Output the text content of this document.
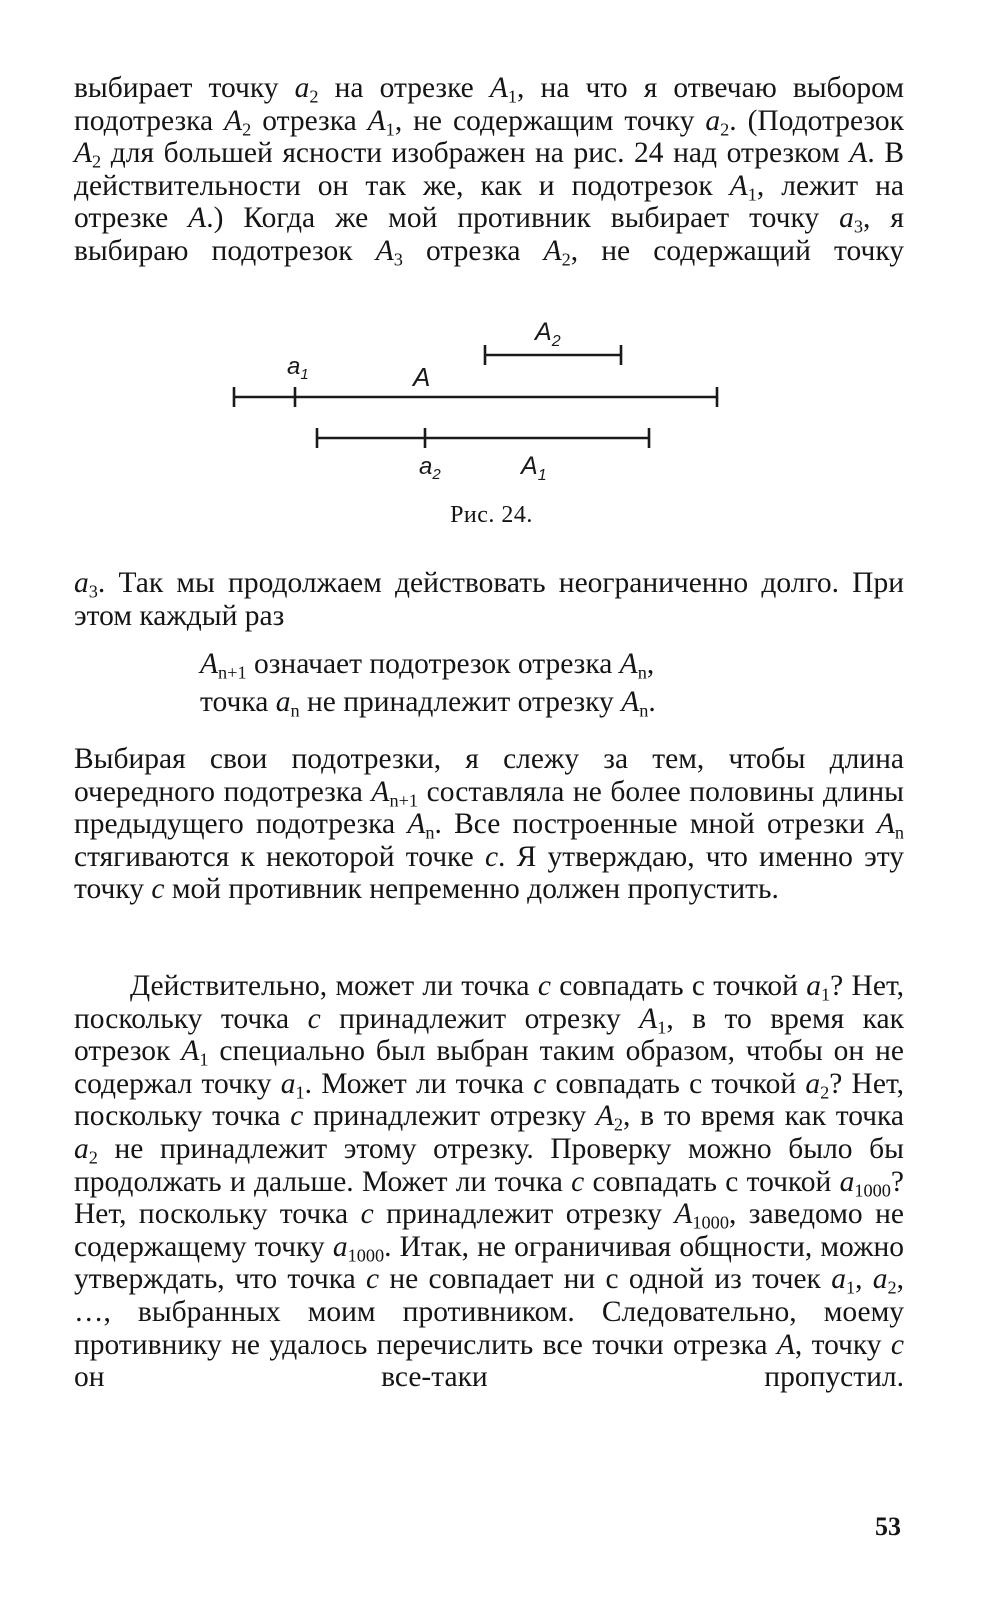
выбирает точку $a_2$ на отрезке $A_1$, на что я отвечаю выбором подотрезка $A_2$ отрезка $A_1$, не содержащим точку $a_2$. (Подотрезок $A_2$ для большей ясности изображен на рис. 24 над отрезком A. В действительности он так же, как и подотрезок $A_1$, лежит на отрезке A.) Когда же мой противник выбирает точку $a_3$, я выбираю подотрезок $A_3$ отрезка $A_2$, не содержащий точку

$a_1$	A
$A_2$
$a_2$	$A_1$
Рис. 24.

$a_3$. Так мы продолжаем действовать неограниченно долго. При этом каждый раз

$A_{n+1}$ означает подотрезок отрезка $A_n$,

точка $a_n$ не принадлежит отрезку $A_n$.

Выбирая свои подотрезки, я слежу за тем, чтобы длина очередного подотрезка $A_{n+1}$ составляла не более половины длины предыдущего подотрезка $A_n$. Все построенные мной отрезки $A_n$ стягиваются к некоторой точке c. Я утверждаю, что именно эту точку c мой противник непременно должен пропустить.

Действительно, может ли точка c совпадать с точкой $a_1$? Нет, поскольку точка c принадлежит отрезку $A_1$, в то время как отрезок $A_1$ специально был выбран таким образом, чтобы он не содержал точку $a_1$. Может ли точка c совпадать с точкой $a_2$? Нет, поскольку точка c принадлежит отрезку $A_2$, в то время как точка $a_2$ не принадлежит этому отрезку. Проверку можно было бы продолжать и дальше. Может ли точка c совпадать с точкой $a_{1000}$? Нет, поскольку точка c принадлежит отрезку $A_{1000}$, заведомо не содержащему точку $a_{1000}$. Итак, не ограничивая общности, можно утверждать, что точка c не совпадает ни с одной из точек $a_1$, $a_2$, …, выбранных моим противником. Следовательно, моему противнику не удалось перечислить все точки отрезка A, точку c он все-таки пропустил.

53
